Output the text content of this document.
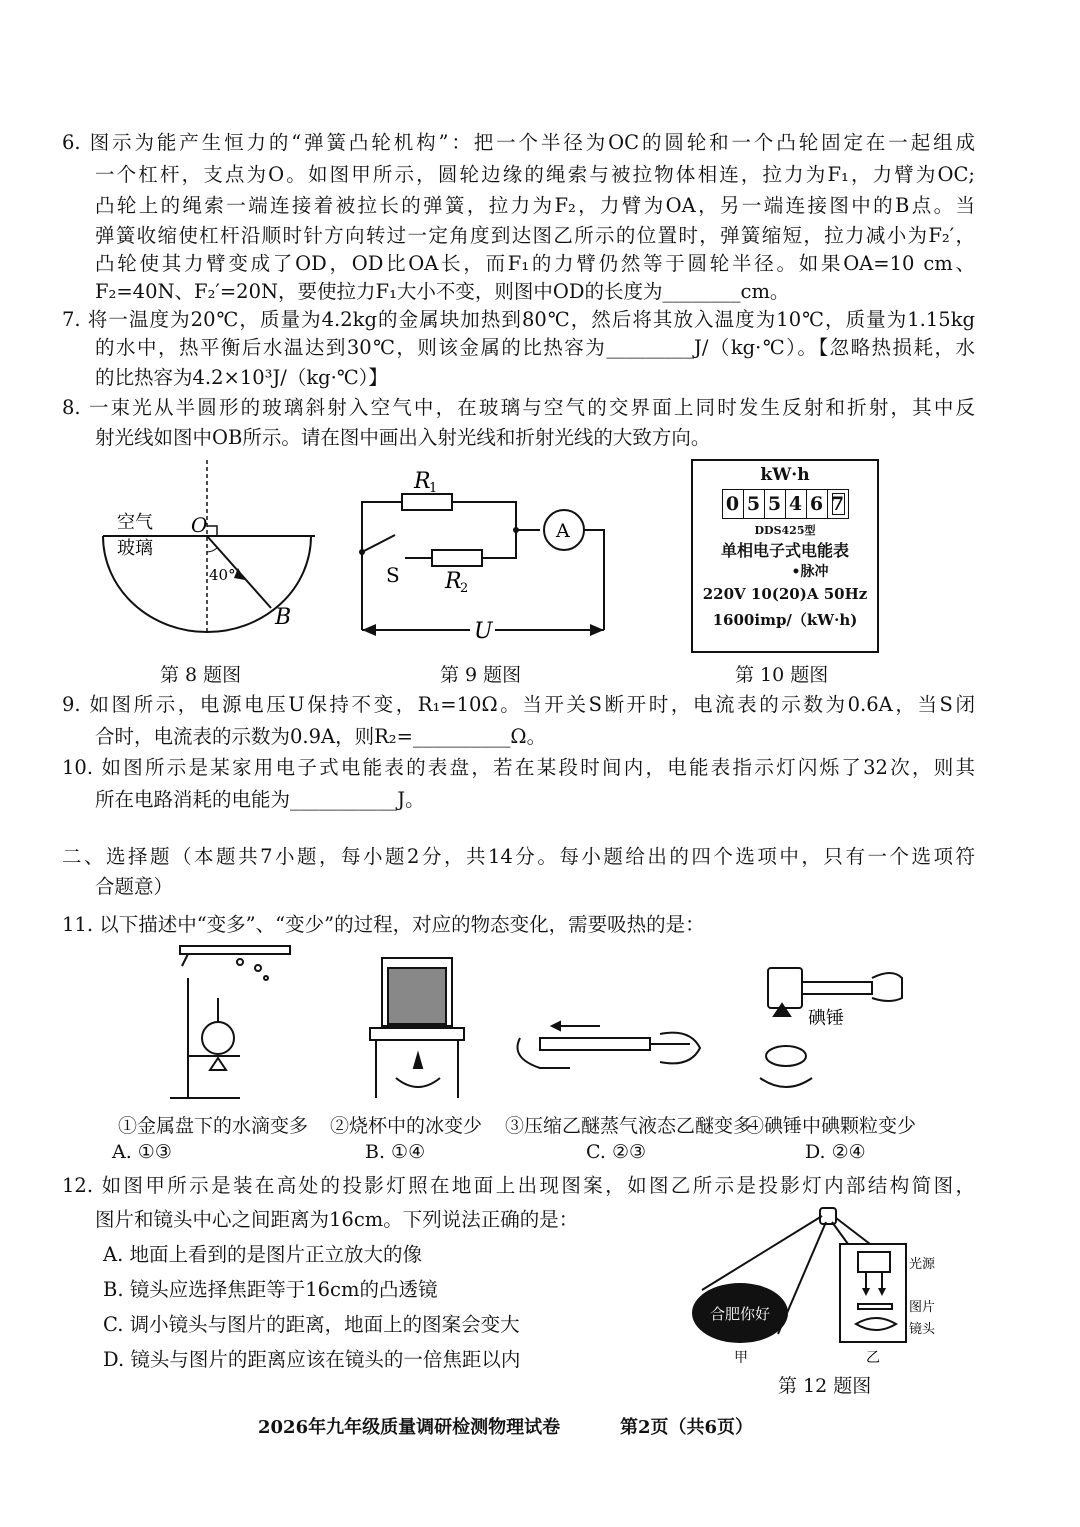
6. 图示为能产生恒力的“弹簧凸轮机构”：把一个半径为OC的圆轮和一个凸轮固定在一起组成
一个杠杆，支点为O。如图甲所示，圆轮边缘的绳索与被拉物体相连，拉力为F₁，力臂为OC;
凸轮上的绳索一端连接着被拉长的弹簧，拉力为F₂，力臂为OA，另一端连接图中的B点。当
弹簧收缩使杠杆沿顺时针方向转过一定角度到达图乙所示的位置时，弹簧缩短，拉力减小为F₂′，
凸轮使其力臂变成了OD，OD比OA长，而F₁的力臂仍然等于圆轮半径。如果OA=10 cm、
F₂=40N、F₂′=20N，要使拉力F₁大小不变，则图中OD的长度为________cm。
7. 将一温度为20℃，质量为4.2kg的金属块加热到80℃，然后将其放入温度为10℃，质量为1.15kg
的水中，热平衡后水温达到30℃，则该金属的比热容为_________J/（kg·℃）。【忽略热损耗，水
的比热容为4.2×10³J/（kg·℃）】
8. 一束光从半圆形的玻璃斜射入空气中，在玻璃与空气的交界面上同时发生反射和折射，其中反
射光线如图中OB所示。请在图中画出入射光线和折射光线的大致方向。
空气
玻璃
O
40°
B
第 8 题图
R
1
R
2
S
A
U
第 9 题图
kW·h
0 5 5 4 6 7
DDS425型
单相电子式电能表
•脉冲
220V 10(20)A 50Hz
1600imp/（kW·h)
第 10 题图
9. 如图所示，电源电压U保持不变，R₁=10Ω。当开关S断开时，电流表的示数为0.6A，当S闭
合时，电流表的示数为0.9A，则R₂=__________Ω。
10. 如图所示是某家用电子式电能表的表盘，若在某段时间内，电能表指示灯闪烁了32次，则其
所在电路消耗的电能为___________J。
二、选择题（本题共7小题，每小题2分，共14分。每小题给出的四个选项中，只有一个选项符
合题意）
11. 以下描述中“变多”、“变少”的过程，对应的物态变化，需要吸热的是：
碘锤
①金属盘下的水滴变多 ②烧杯中的冰变少 ③压缩乙醚蒸气液态乙醚变多
④碘锤中碘颗粒变少
A. ①③	B. ①④	C. ②③	D. ②④
12. 如图甲所示是装在高处的投影灯照在地面上出现图案，如图乙所示是投影灯内部结构简图，
图片和镜头中心之间距离为16cm。下列说法正确的是：
A. 地面上看到的是图片正立放大的像
B. 镜头应选择焦距等于16cm的凸透镜
C. 调小镜头与图片的距离，地面上的图案会变大
D. 镜头与图片的距离应该在镜头的一倍焦距以内
合肥你好
光源
图片
镜头
甲	乙
第 12 题图
2026年九年级质量调研检测物理试卷	第2页（共6页）
